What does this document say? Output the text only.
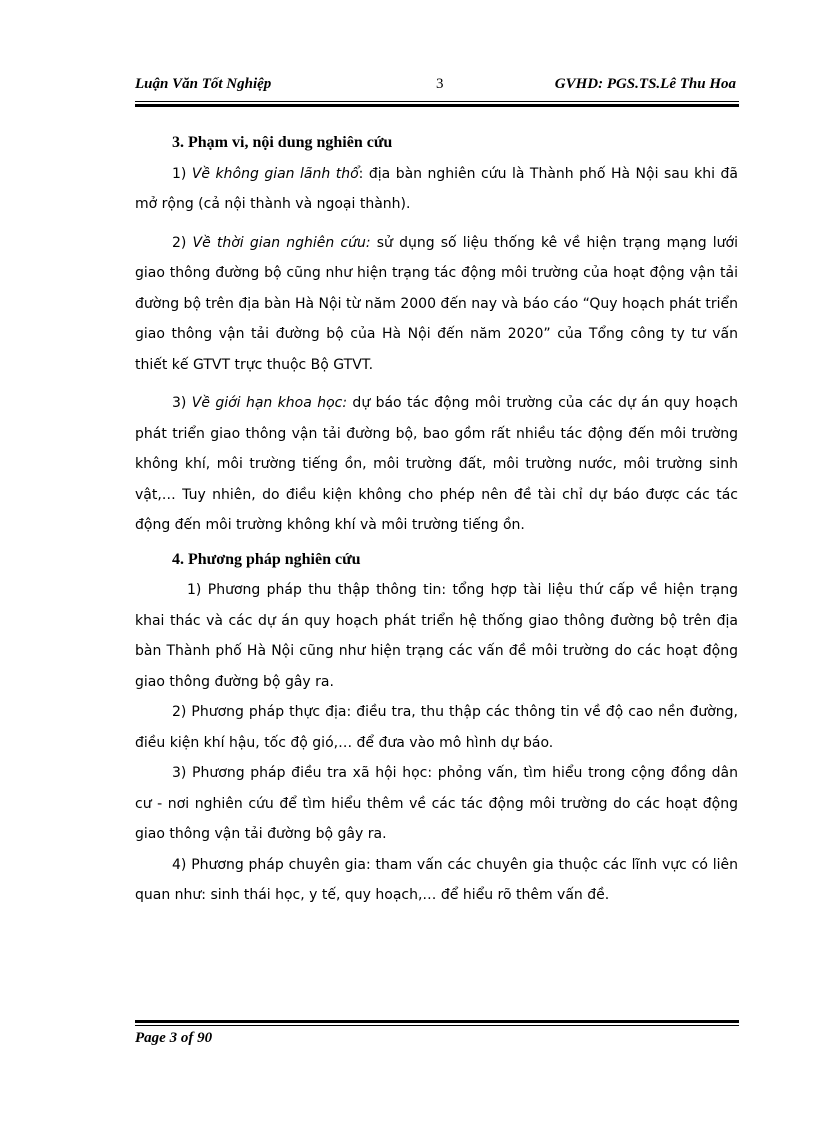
Luận Văn Tốt Nghiệp	3	GVHD: PGS.TS.Lê Thu Hoa

3. Phạm vi, nội dung nghiên cứu

1) Về không gian lãnh thổ: địa bàn nghiên cứu là Thành phố Hà Nội sau khi đã mở rộng (cả nội thành và ngoại thành).

2) Về thời gian nghiên cứu: sử dụng số liệu thống kê về hiện trạng mạng lưới giao thông đường bộ cũng như hiện trạng tác động môi trường của hoạt động vận tải đường bộ trên địa bàn Hà Nội từ năm 2000 đến nay và báo cáo “Quy hoạch phát triển giao thông vận tải đường bộ của Hà Nội đến năm 2020” của Tổng công ty tư vấn thiết kế GTVT trực thuộc Bộ GTVT.

3) Về giới hạn khoa học: dự báo tác động môi trường của các dự án quy hoạch phát triển giao thông vận tải đường bộ, bao gồm rất nhiều tác động đến môi trường không khí, môi trường tiếng ồn, môi trường đất, môi trường nước, môi trường sinh vật,… Tuy nhiên, do điều kiện không cho phép nên đề tài chỉ dự báo được các tác động đến môi trường không khí và môi trường tiếng ồn.

4. Phương pháp nghiên cứu

1) Phương pháp thu thập thông tin: tổng hợp tài liệu thứ cấp về hiện trạng khai thác và các dự án quy hoạch phát triển hệ thống giao thông đường bộ trên địa bàn Thành phố Hà Nội cũng như hiện trạng các vấn đề môi trường do các hoạt động giao thông đường bộ gây ra.

2) Phương pháp thực địa: điều tra, thu thập các thông tin về độ cao nền đường, điều kiện khí hậu, tốc độ gió,… để đưa vào mô hình dự báo.

3) Phương pháp điều tra xã hội học: phỏng vấn, tìm hiểu trong cộng đồng dân cư - nơi nghiên cứu để tìm hiểu thêm về các tác động môi trường do các hoạt động giao thông vận tải đường bộ gây ra.

4) Phương pháp chuyên gia: tham vấn các chuyên gia thuộc các lĩnh vực có liên quan như: sinh thái học, y tế, quy hoạch,… để hiểu rõ thêm vấn đề.

Page 3 of 90
